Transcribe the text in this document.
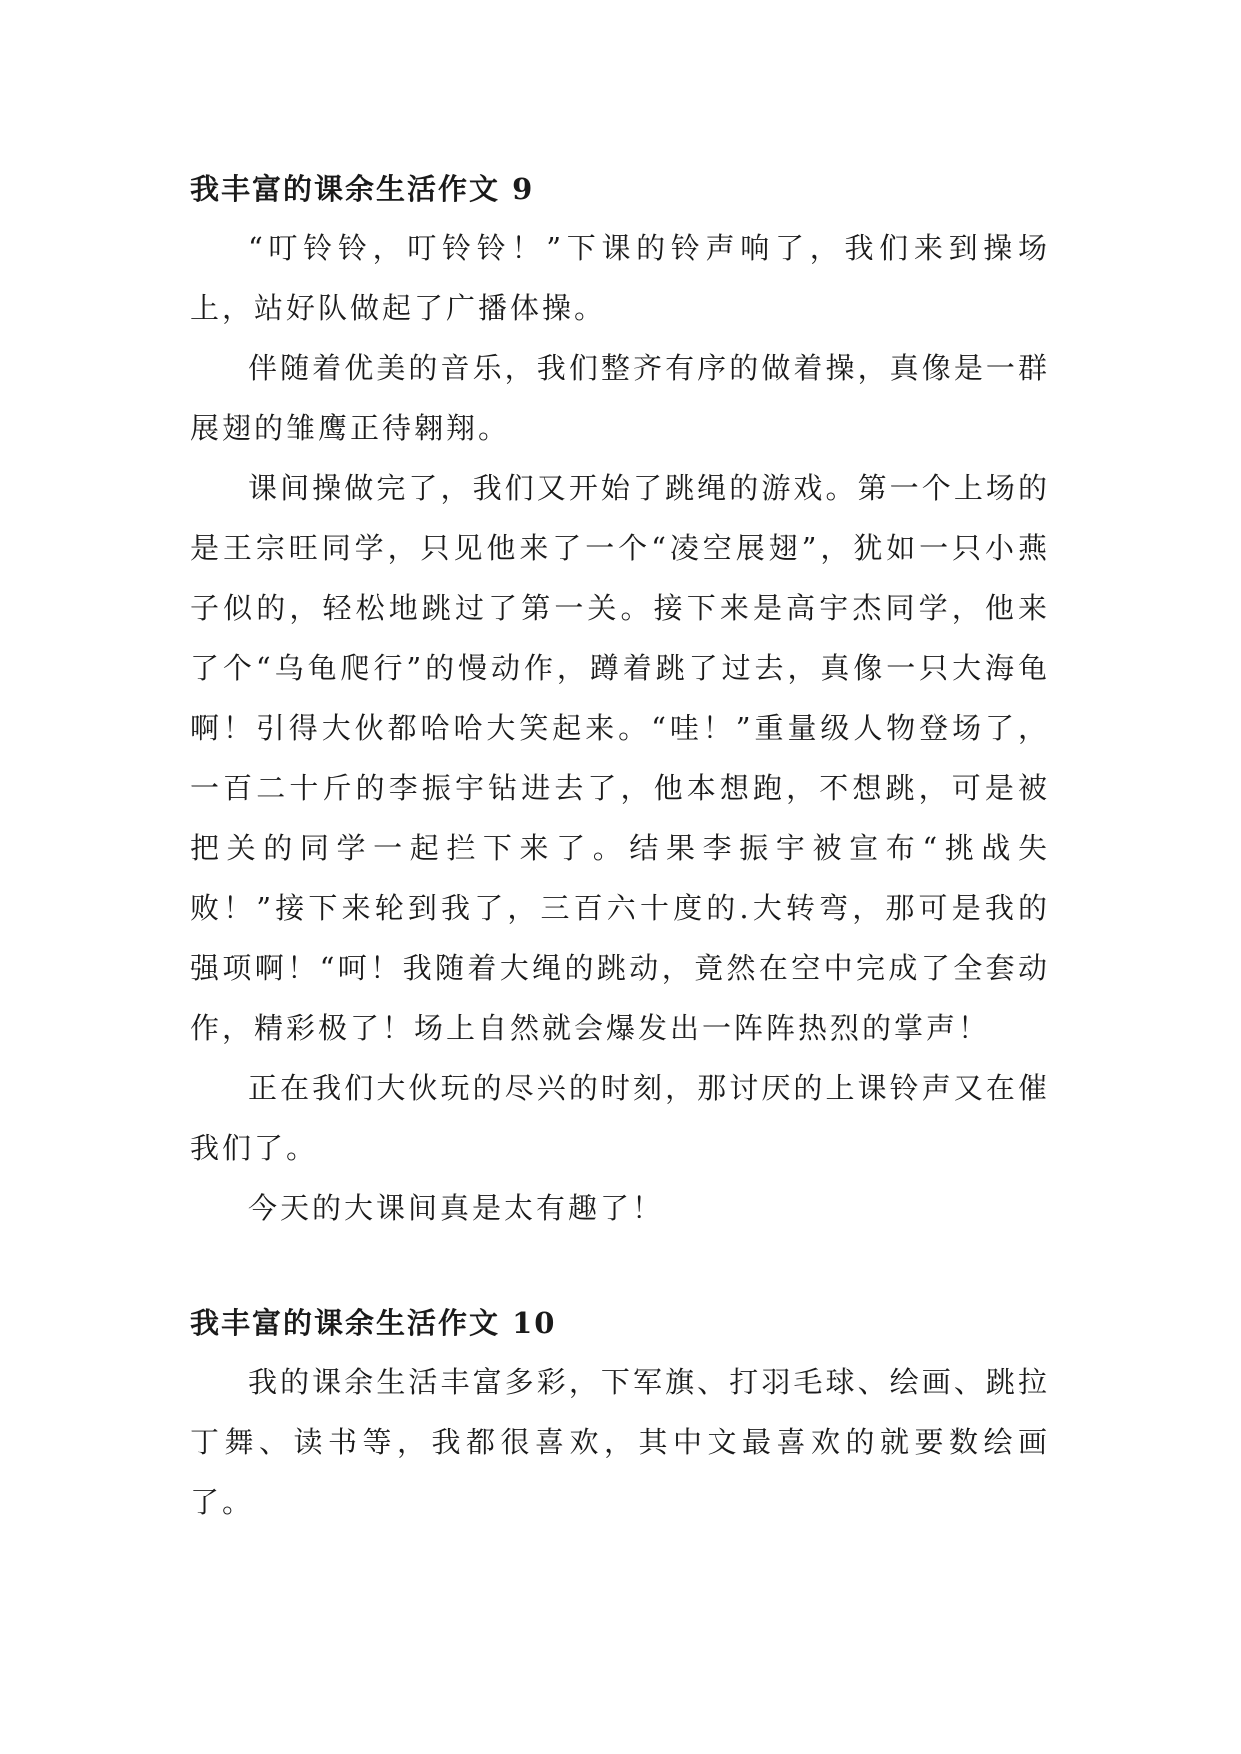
我丰富的课余生活作文 9

“叮铃铃，叮铃铃！”下课的铃声响了，我们来到操场上，站好队做起了广播体操。

伴随着优美的音乐，我们整齐有序的做着操，真像是一群展翅的雏鹰正待翱翔。

课间操做完了，我们又开始了跳绳的游戏。第一个上场的是王宗旺同学，只见他来了一个“凌空展翅”，犹如一只小燕子似的，轻松地跳过了第一关。接下来是高宇杰同学，他来了个“乌龟爬行”的慢动作，蹲着跳了过去，真像一只大海龟啊！引得大伙都哈哈大笑起来。“哇！”重量级人物登场了，一百二十斤的李振宇钻进去了，他本想跑，不想跳，可是被把关的同学一起拦下来了。结果李振宇被宣布“挑战失败！”接下来轮到我了，三百六十度的.大转弯，那可是我的强项啊！“呵！我随着大绳的跳动，竟然在空中完成了全套动作，精彩极了！场上自然就会爆发出一阵阵热烈的掌声！

正在我们大伙玩的尽兴的时刻，那讨厌的上课铃声又在催我们了。

今天的大课间真是太有趣了！

我丰富的课余生活作文 10

我的课余生活丰富多彩，下军旗、打羽毛球、绘画、跳拉丁舞、读书等，我都很喜欢，其中文最喜欢的就要数绘画了。
